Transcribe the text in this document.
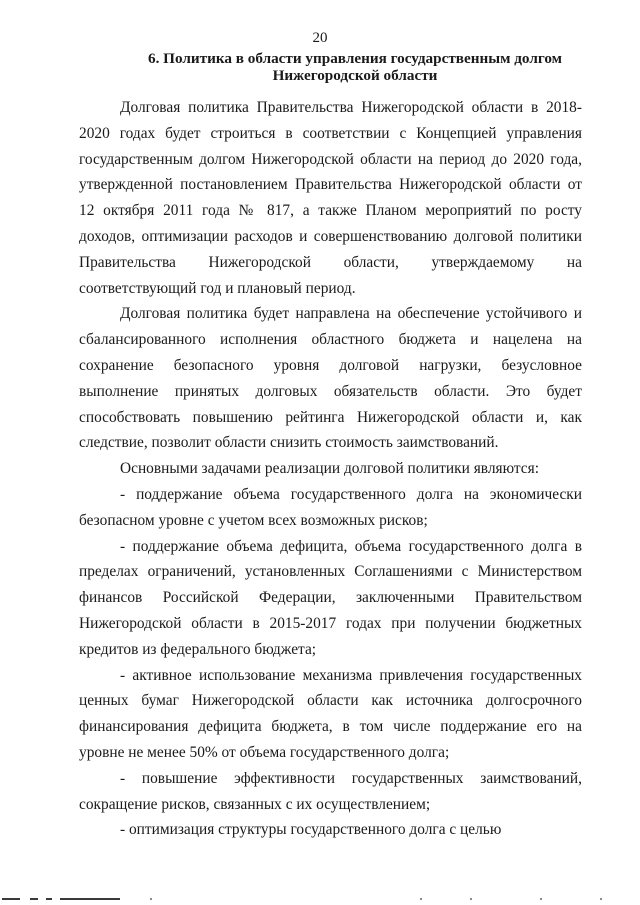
20
6. Политика в области управления государственным долгом
Нижегородской области

Долговая политика Правительства Нижегородской области в 2018-2020 годах будет строиться в соответствии с Концепцией управления государственным долгом Нижегородской области на период до 2020 года, утвержденной постановлением Правительства Нижегородской области от 12 октября 2011 года № 817, а также Планом мероприятий по росту доходов, оптимизации расходов и совершенствованию долговой политики Правительства Нижегородской области, утверждаемому на соответствующий год и плановый период.

Долговая политика будет направлена на обеспечение устойчивого и сбалансированного исполнения областного бюджета и нацелена на сохранение безопасного уровня долговой нагрузки, безусловное выполнение принятых долговых обязательств области. Это будет способствовать повышению рейтинга Нижегородской области и, как следствие, позволит области снизить стоимость заимствований.

Основными задачами реализации долговой политики являются:

- поддержание объема государственного долга на экономически безопасном уровне с учетом всех возможных рисков;

- поддержание объема дефицита, объема государственного долга в пределах ограничений, установленных Соглашениями с Министерством финансов Российской Федерации, заключенными Правительством Нижегородской области в 2015-2017 годах при получении бюджетных кредитов из федерального бюджета;

- активное использование механизма привлечения государственных ценных бумаг Нижегородской области как источника долгосрочного финансирования дефицита бюджета, в том числе поддержание его на уровне не менее 50% от объема государственного долга;

- повышение эффективности государственных заимствований, сокращение рисков, связанных с их осуществлением;

- оптимизация структуры государственного долга с целью
